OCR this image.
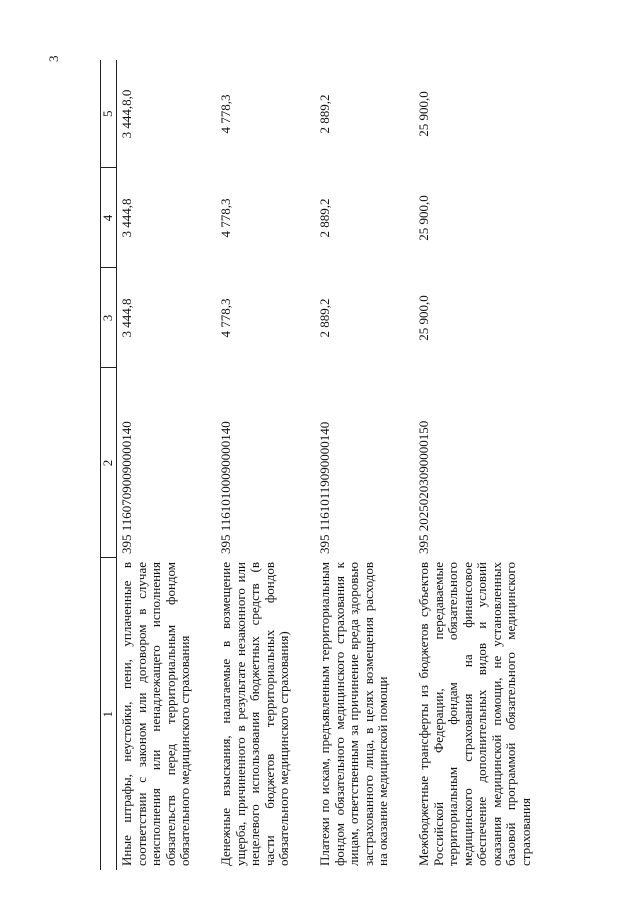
3
1	2	3	4	5
Иные штрафы, неустойки, пени, уплаченные в соответствии с законом или договором в случае неисполнения или ненадлежащего исполнения обязательств перед территориальным фондом обязательного медицинского страхования	395 11607090090000140	3 444,8	3 444,8	3 444,8,0
Денежные взыскания, налагаемые в возмещение ущерба, причиненного в результате незаконного или нецелевого использования бюджетных средств (в части бюджетов территориальных фондов обязательного медицинского страхования)	395 11610100090000140	4 778,3	4 778,3	4 778,3
Платежи по искам, предъявленным территориальным фондом обязательного медицинского страхования к лицам, ответственным за причинение вреда здоровью застрахованного лица, в целях возмещения расходов на оказание медицинской помощи	395 11610119090000140	2 889,2	2 889,2	2 889,2
Межбюджетные трансферты из бюджетов субъектов Российской Федерации, передаваемые территориальным фондам обязательного медицинского страхования на финансовое обеспечение дополнительных видов и условий оказания медицинской помощи, не установленных базовой программой обязательного медицинского страхования	395 20250203090000150	25 900,0	25 900,0	25 900,0
